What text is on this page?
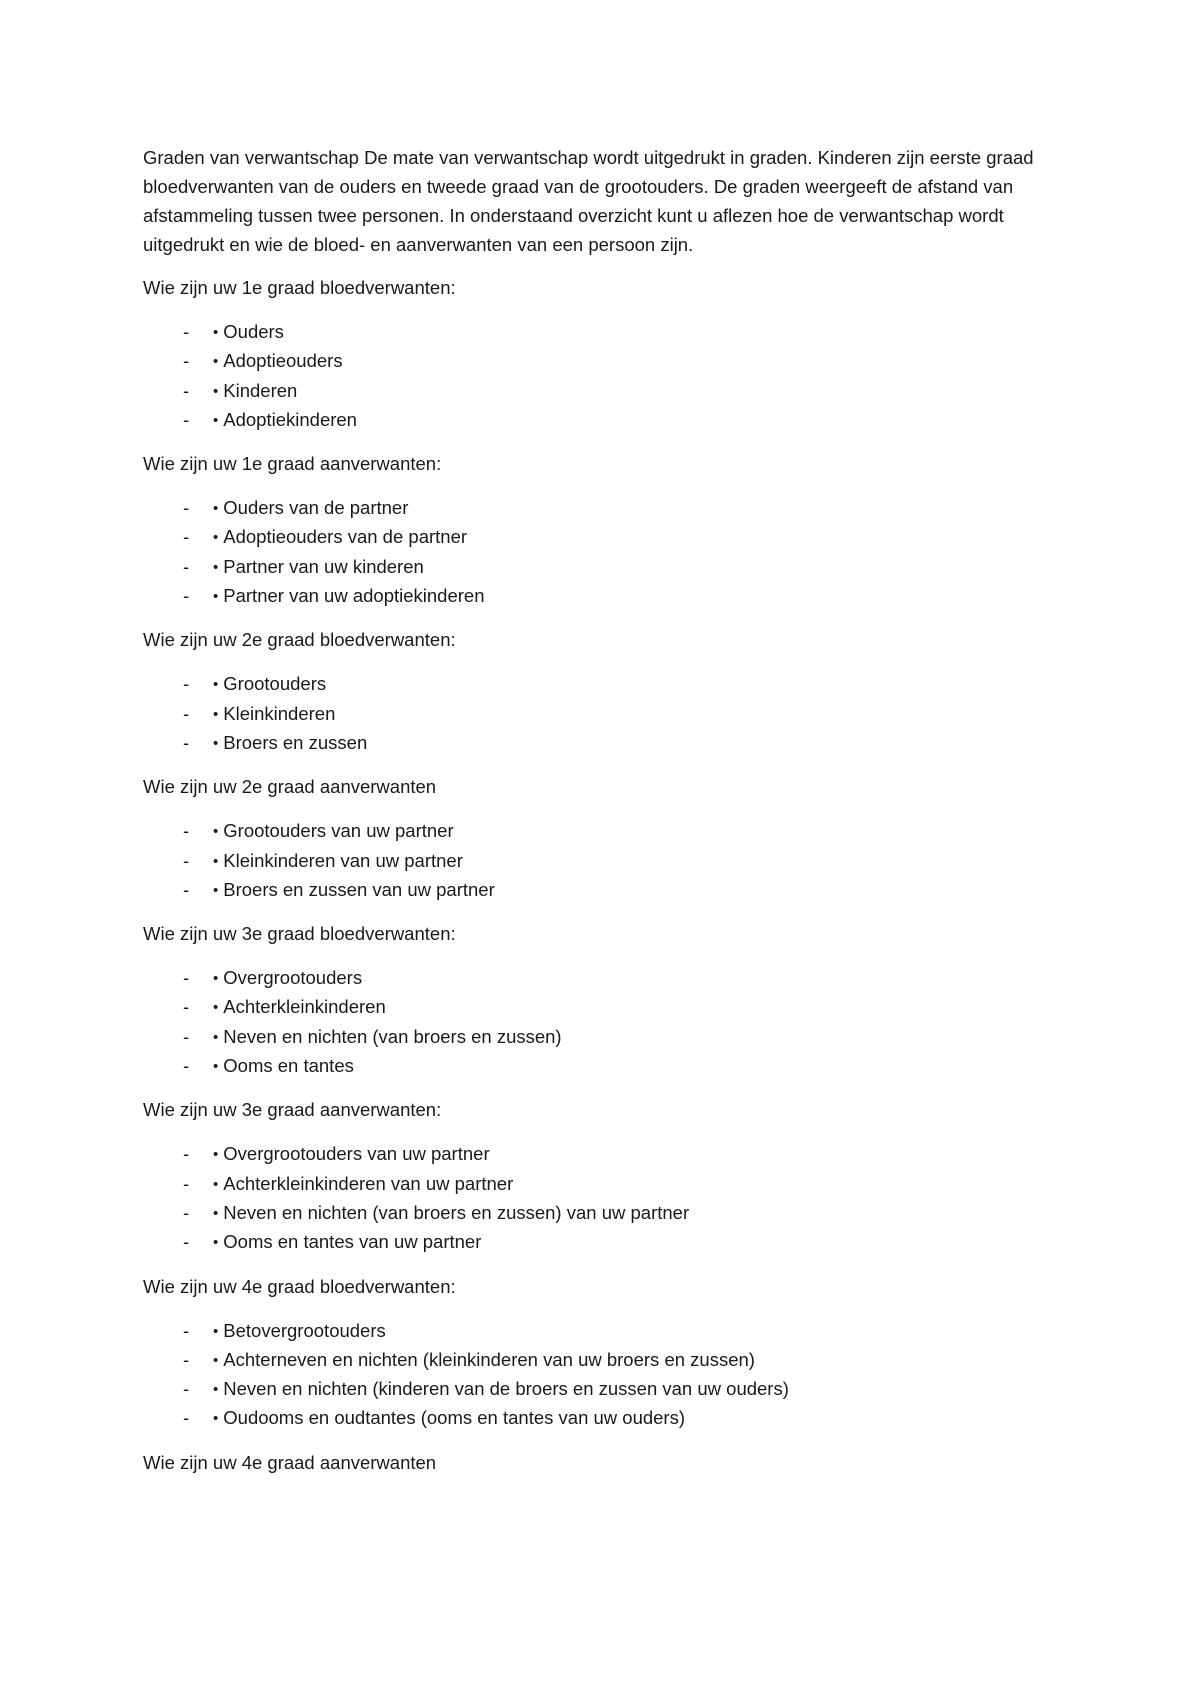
Graden van verwantschap De mate van verwantschap wordt uitgedrukt in graden. Kinderen zijn eerste graad bloedverwanten van de ouders en tweede graad van de grootouders. De graden weergeeft de afstand van afstammeling tussen twee personen. In onderstaand overzicht kunt u aflezen hoe de verwantschap wordt uitgedrukt en wie de bloed- en aanverwanten van een persoon zijn.

Wie zijn uw 1e graad bloedverwanten:

- • Ouders
- • Adoptieouders
- • Kinderen
- • Adoptiekinderen

Wie zijn uw 1e graad aanverwanten:

- • Ouders van de partner
- • Adoptieouders van de partner
- • Partner van uw kinderen
- • Partner van uw adoptiekinderen

Wie zijn uw 2e graad bloedverwanten:

- • Grootouders
- • Kleinkinderen
- • Broers en zussen

Wie zijn uw 2e graad aanverwanten

- • Grootouders van uw partner
- • Kleinkinderen van uw partner
- • Broers en zussen van uw partner

Wie zijn uw 3e graad bloedverwanten:

- • Overgrootouders
- • Achterkleinkinderen
- • Neven en nichten (van broers en zussen)
- • Ooms en tantes

Wie zijn uw 3e graad aanverwanten:

- • Overgrootouders van uw partner
- • Achterkleinkinderen van uw partner
- • Neven en nichten (van broers en zussen) van uw partner
- • Ooms en tantes van uw partner

Wie zijn uw 4e graad bloedverwanten:

- • Betovergrootouders
- • Achterneven en nichten (kleinkinderen van uw broers en zussen)
- • Neven en nichten (kinderen van de broers en zussen van uw ouders)
- • Oudooms en oudtantes (ooms en tantes van uw ouders)

Wie zijn uw 4e graad aanverwanten
